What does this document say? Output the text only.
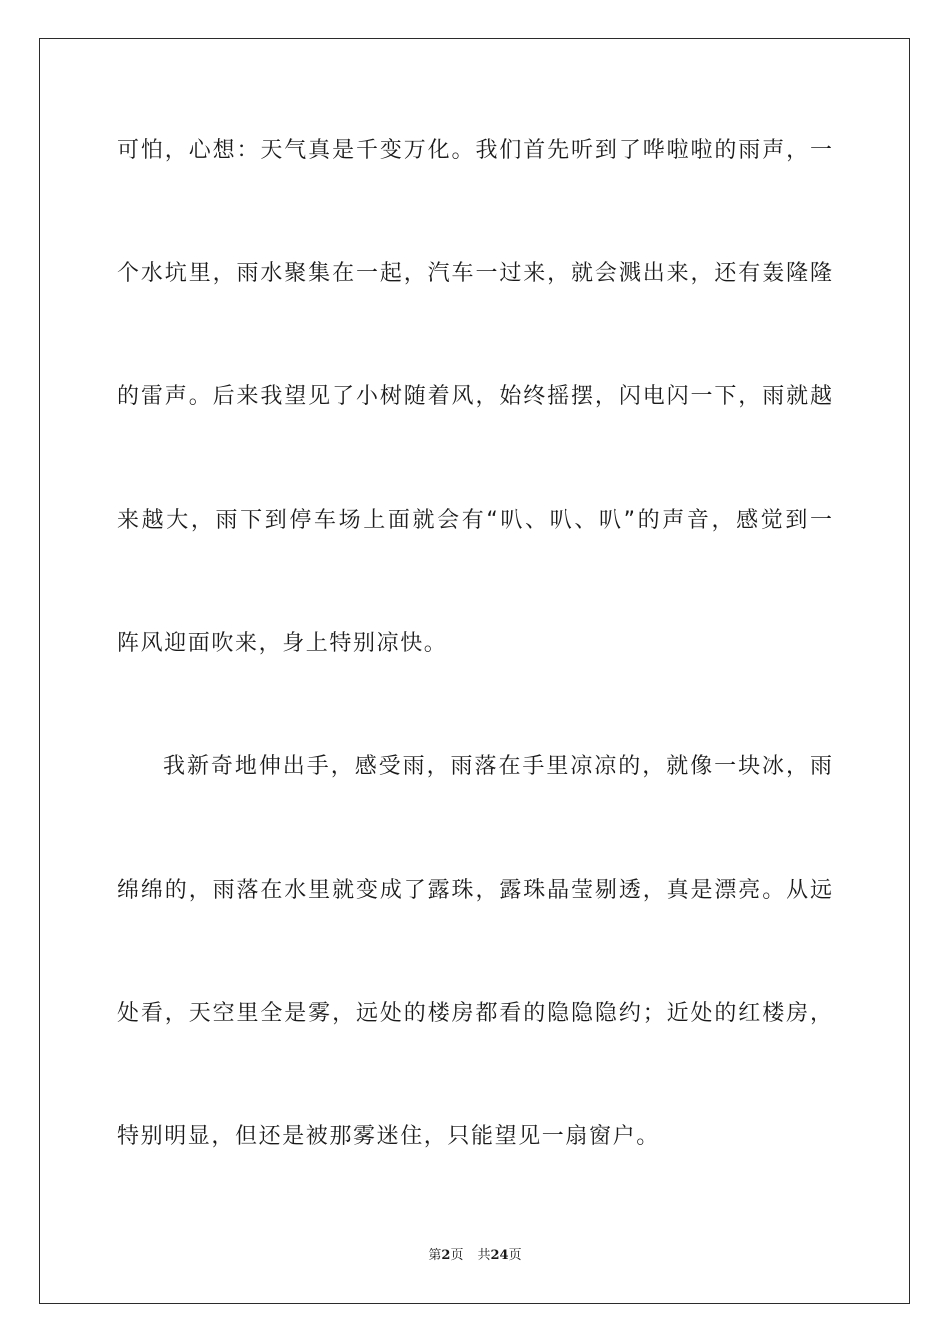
可怕，心想：天气真是千变万化。我们首先听到了哗啦啦的雨声，一
个水坑里，雨水聚集在一起，汽车一过来，就会溅出来，还有轰隆隆
的雷声。后来我望见了小树随着风，始终摇摆，闪电闪一下，雨就越
来越大，雨下到停车场上面就会有“叭、叭、叭”的声音，感觉到一
阵风迎面吹来，身上特别凉快。
我新奇地伸出手，感受雨，雨落在手里凉凉的，就像一块冰，雨
绵绵的，雨落在水里就变成了露珠，露珠晶莹剔透，真是漂亮。从远
处看，天空里全是雾，远处的楼房都看的隐隐隐约；近处的红楼房，
特别明显，但还是被那雾迷住，只能望见一扇窗户。
第2页 共24页
